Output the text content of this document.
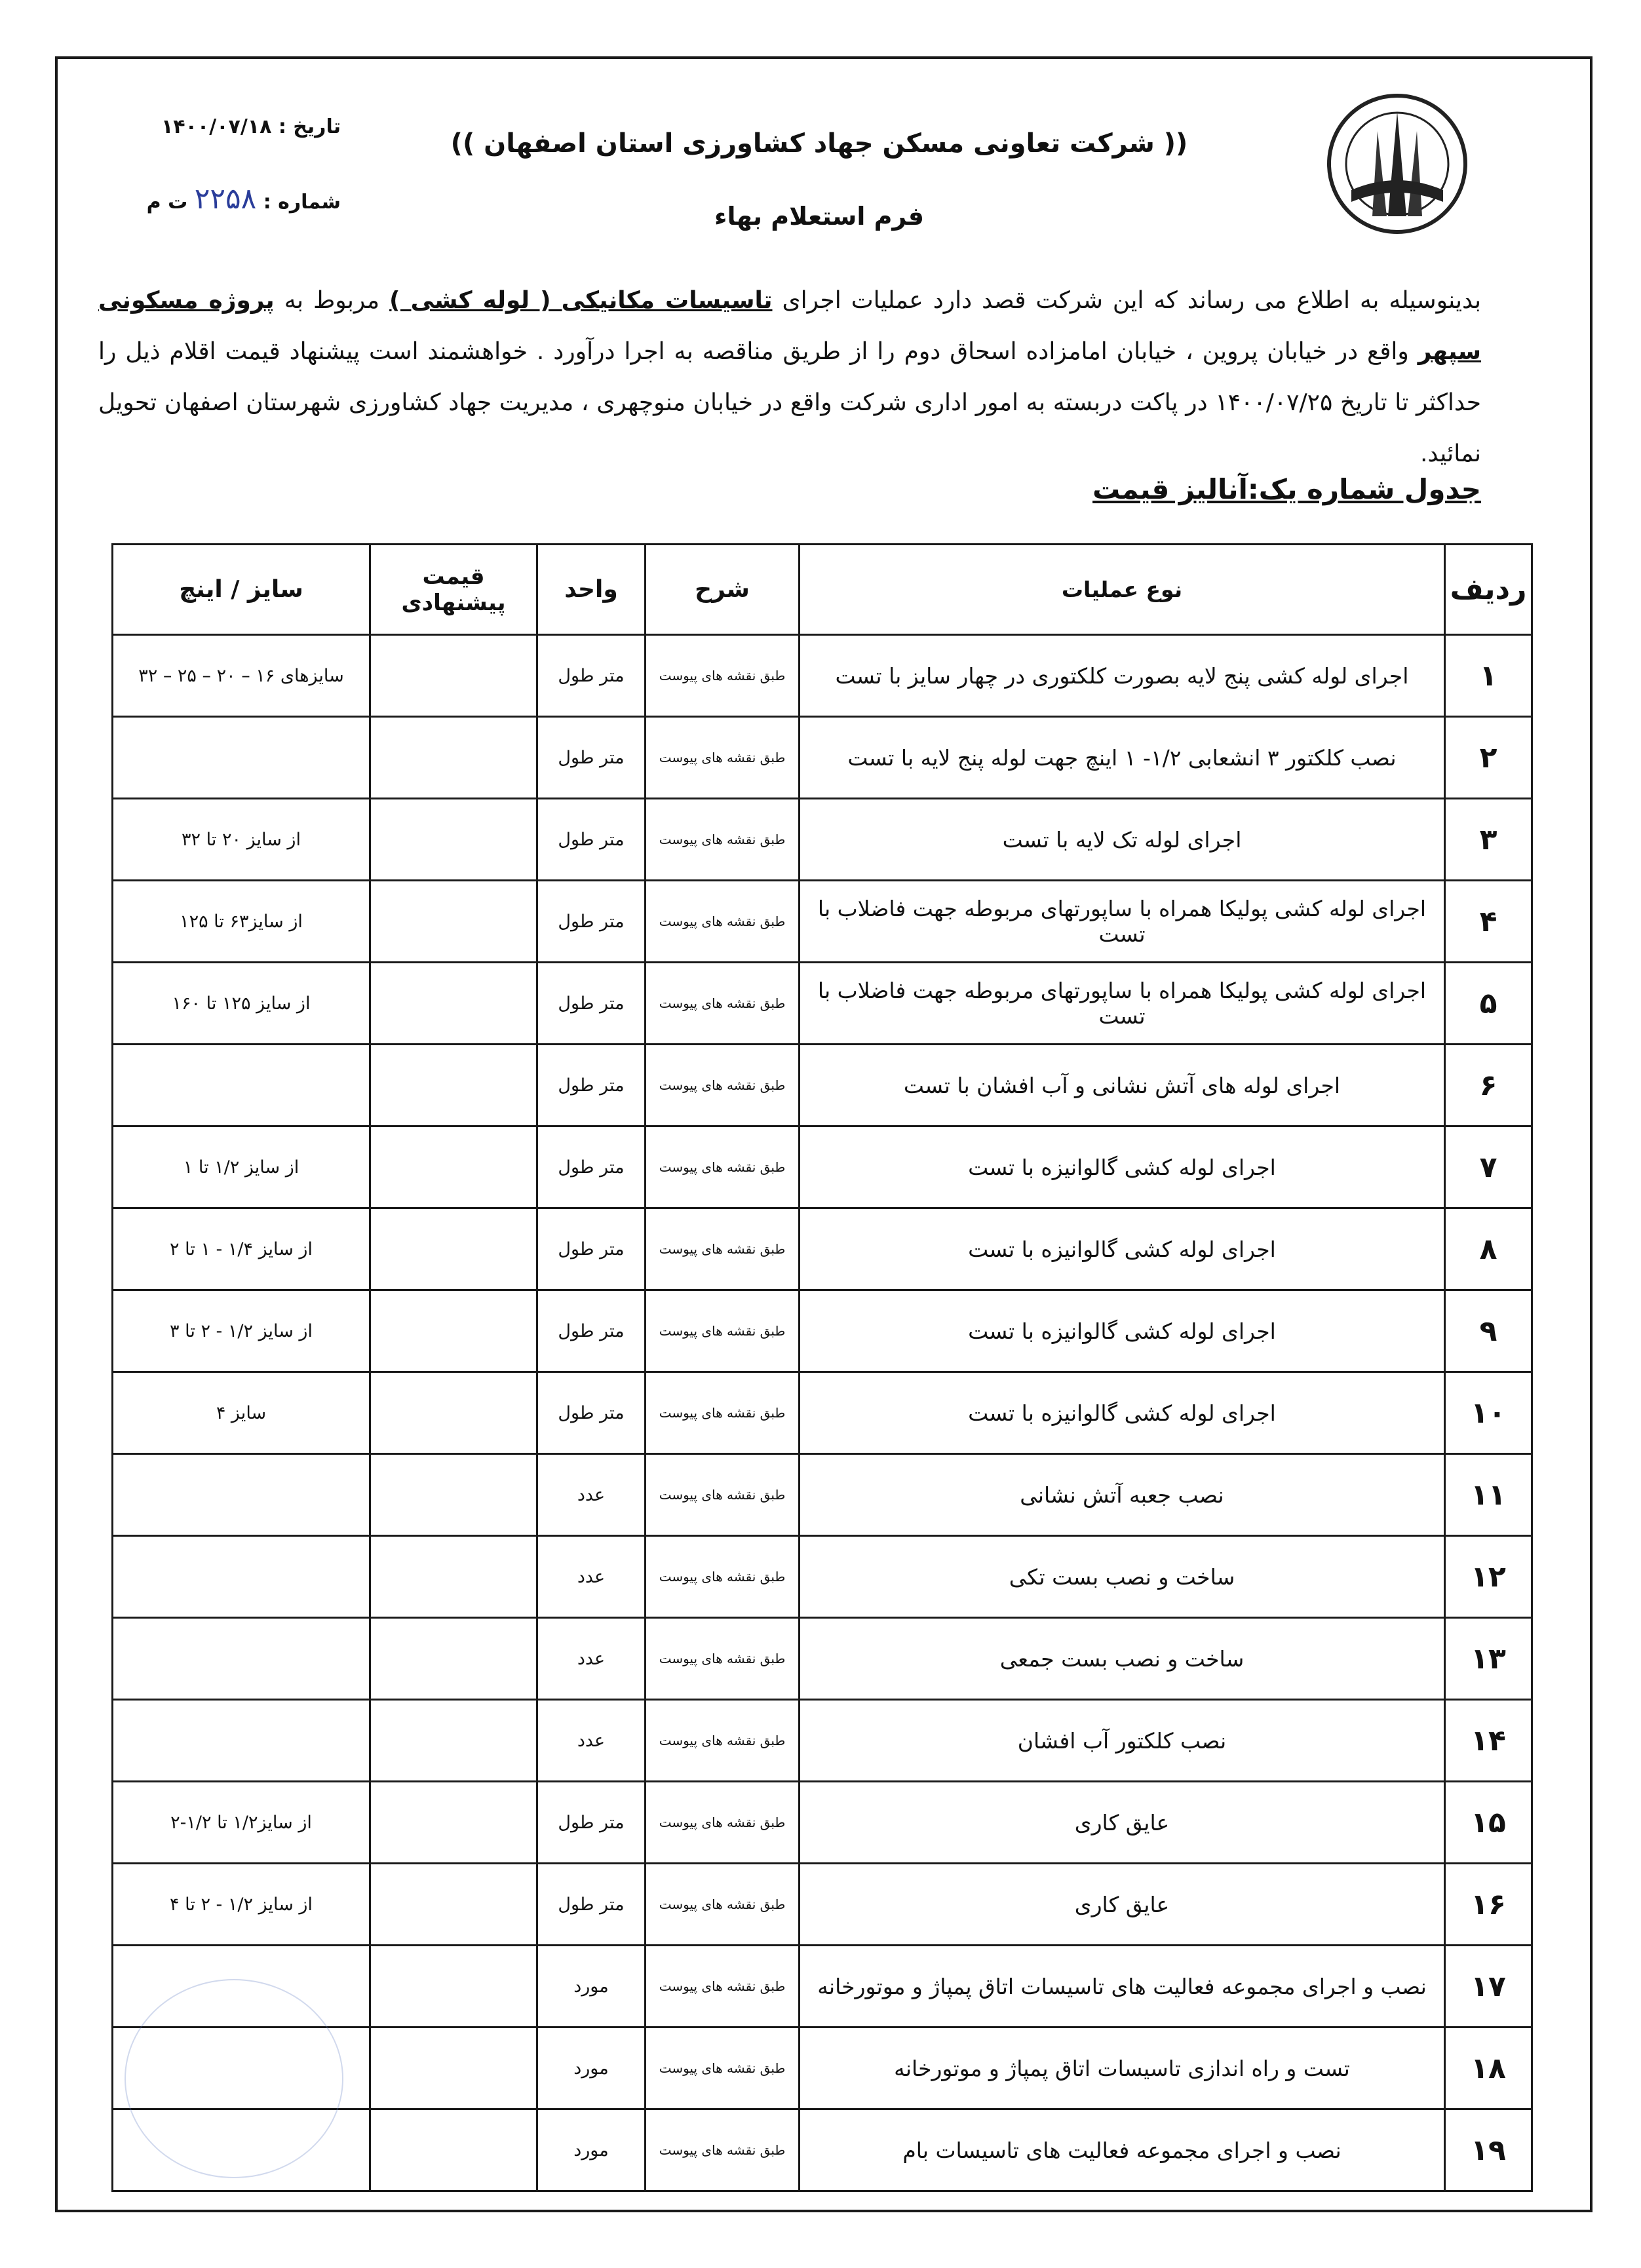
(( شرکت تعاونی مسکن جهاد کشاورزی استان اصفهان ))
فرم استعلام بهاء
تاریخ : ۱۴۰۰/۰۷/۱۸
شماره : ۲۲۵۸ ت م
بدینوسیله به اطلاع می رساند که این شرکت قصد دارد عملیات اجرای تاسیسات مکانیکی ( لوله کشی ) مربوط به پروژه مسکونی سپهر واقع در خیابان پروین ، خیابان امامزاده اسحاق دوم را از طریق مناقصه به اجرا درآورد . خواهشمند است پیشنهاد قیمت اقلام ذیل را حداکثر تا تاریخ ۱۴۰۰/۰۷/۲۵ در پاکت دربسته به امور اداری شرکت واقع در خیابان منوچهری ، مدیریت جهاد کشاورزی شهرستان اصفهان تحویل نمائید.
جدول شماره یک:آنالیز قیمت
ردیف	نوع عملیات	شرح	واحد	قیمت پیشنهادی	سایز / اینچ
۱	اجرای لوله کشی پنج لایه بصورت کلکتوری در چهار سایز با تست	طبق نقشه های پیوست	متر طول		سایزهای ۱۶ – ۲۰ – ۲۵ – ۳۲
۲	نصب کلکتور ۳ انشعابی ۱/۲- ۱ اینچ جهت لوله پنج لایه با تست	طبق نقشه های پیوست	متر طول		
۳	اجرای لوله تک لایه با تست	طبق نقشه های پیوست	متر طول		از سایز ۲۰ تا ۳۲
۴	اجرای لوله کشی پولیکا همراه با ساپورتهای مربوطه جهت فاضلاب با تست	طبق نقشه های پیوست	متر طول		از سایز۶۳ تا ۱۲۵
۵	اجرای لوله کشی پولیکا همراه با ساپورتهای مربوطه جهت فاضلاب با تست	طبق نقشه های پیوست	متر طول		از سایز ۱۲۵ تا ۱۶۰
۶	اجرای لوله های آتش نشانی و آب افشان با تست	طبق نقشه های پیوست	متر طول		
۷	اجرای لوله کشی گالوانیزه با تست	طبق نقشه های پیوست	متر طول		از سایز ۱/۲ تا ۱
۸	اجرای لوله کشی گالوانیزه با تست	طبق نقشه های پیوست	متر طول		از سایز ۱/۴ - ۱ تا ۲
۹	اجرای لوله کشی گالوانیزه با تست	طبق نقشه های پیوست	متر طول		از سایز ۱/۲ - ۲ تا ۳
۱۰	اجرای لوله کشی گالوانیزه با تست	طبق نقشه های پیوست	متر طول		سایز ۴
۱۱	نصب جعبه آتش نشانی	طبق نقشه های پیوست	عدد		
۱۲	ساخت و نصب بست تکی	طبق نقشه های پیوست	عدد		
۱۳	ساخت و نصب بست جمعی	طبق نقشه های پیوست	عدد		
۱۴	نصب کلکتور آب افشان	طبق نقشه های پیوست	عدد		
۱۵	عایق کاری	طبق نقشه های پیوست	متر طول		از سایز۱/۲ تا ۱/۲-۲
۱۶	عایق کاری	طبق نقشه های پیوست	متر طول		از سایز ۱/۲ - ۲ تا ۴
۱۷	نصب و اجرای مجموعه فعالیت های تاسیسات اتاق پمپاژ و موتورخانه	طبق نقشه های پیوست	مورد		
۱۸	تست و راه اندازی تاسیسات اتاق پمپاژ و موتورخانه	طبق نقشه های پیوست	مورد		
۱۹	نصب و اجرای مجموعه فعالیت های تاسیسات بام	طبق نقشه های پیوست	مورد		
